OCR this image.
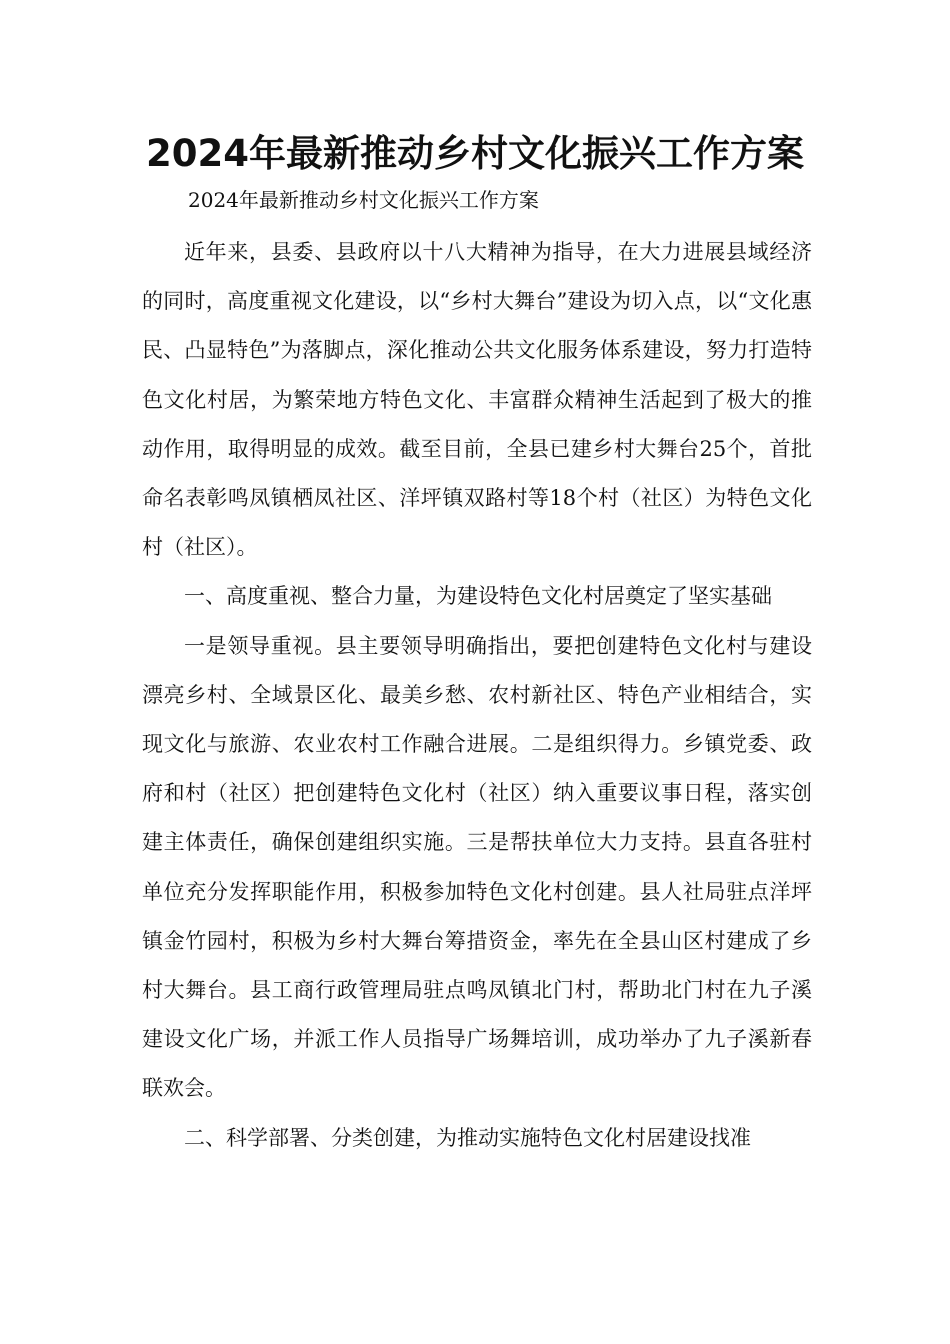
2024年最新推动乡村文化振兴工作方案
2024年最新推动乡村文化振兴工作方案

近年来，县委、县政府以十八大精神为指导，在大力进展县域经济的同时，高度重视文化建设，以“乡村大舞台”建设为切入点，以“文化惠民、凸显特色”为落脚点，深化推动公共文化服务体系建设，努力打造特色文化村居，为繁荣地方特色文化、丰富群众精神生活起到了极大的推动作用，取得明显的成效。截至目前，全县已建乡村大舞台25个，首批命名表彰鸣凤镇栖凤社区、洋坪镇双路村等18个村（社区）为特色文化村（社区）。

一、高度重视、整合力量，为建设特色文化村居奠定了坚实基础

一是领导重视。县主要领导明确指出，要把创建特色文化村与建设漂亮乡村、全域景区化、最美乡愁、农村新社区、特色产业相结合，实现文化与旅游、农业农村工作融合进展。二是组织得力。乡镇党委、政府和村（社区）把创建特色文化村（社区）纳入重要议事日程，落实创建主体责任，确保创建组织实施。三是帮扶单位大力支持。县直各驻村单位充分发挥职能作用，积极参加特色文化村创建。县人社局驻点洋坪镇金竹园村，积极为乡村大舞台筹措资金，率先在全县山区村建成了乡村大舞台。县工商行政管理局驻点鸣凤镇北门村，帮助北门村在九子溪建设文化广场，并派工作人员指导广场舞培训，成功举办了九子溪新春联欢会。

二、科学部署、分类创建，为推动实施特色文化村居建设找准
